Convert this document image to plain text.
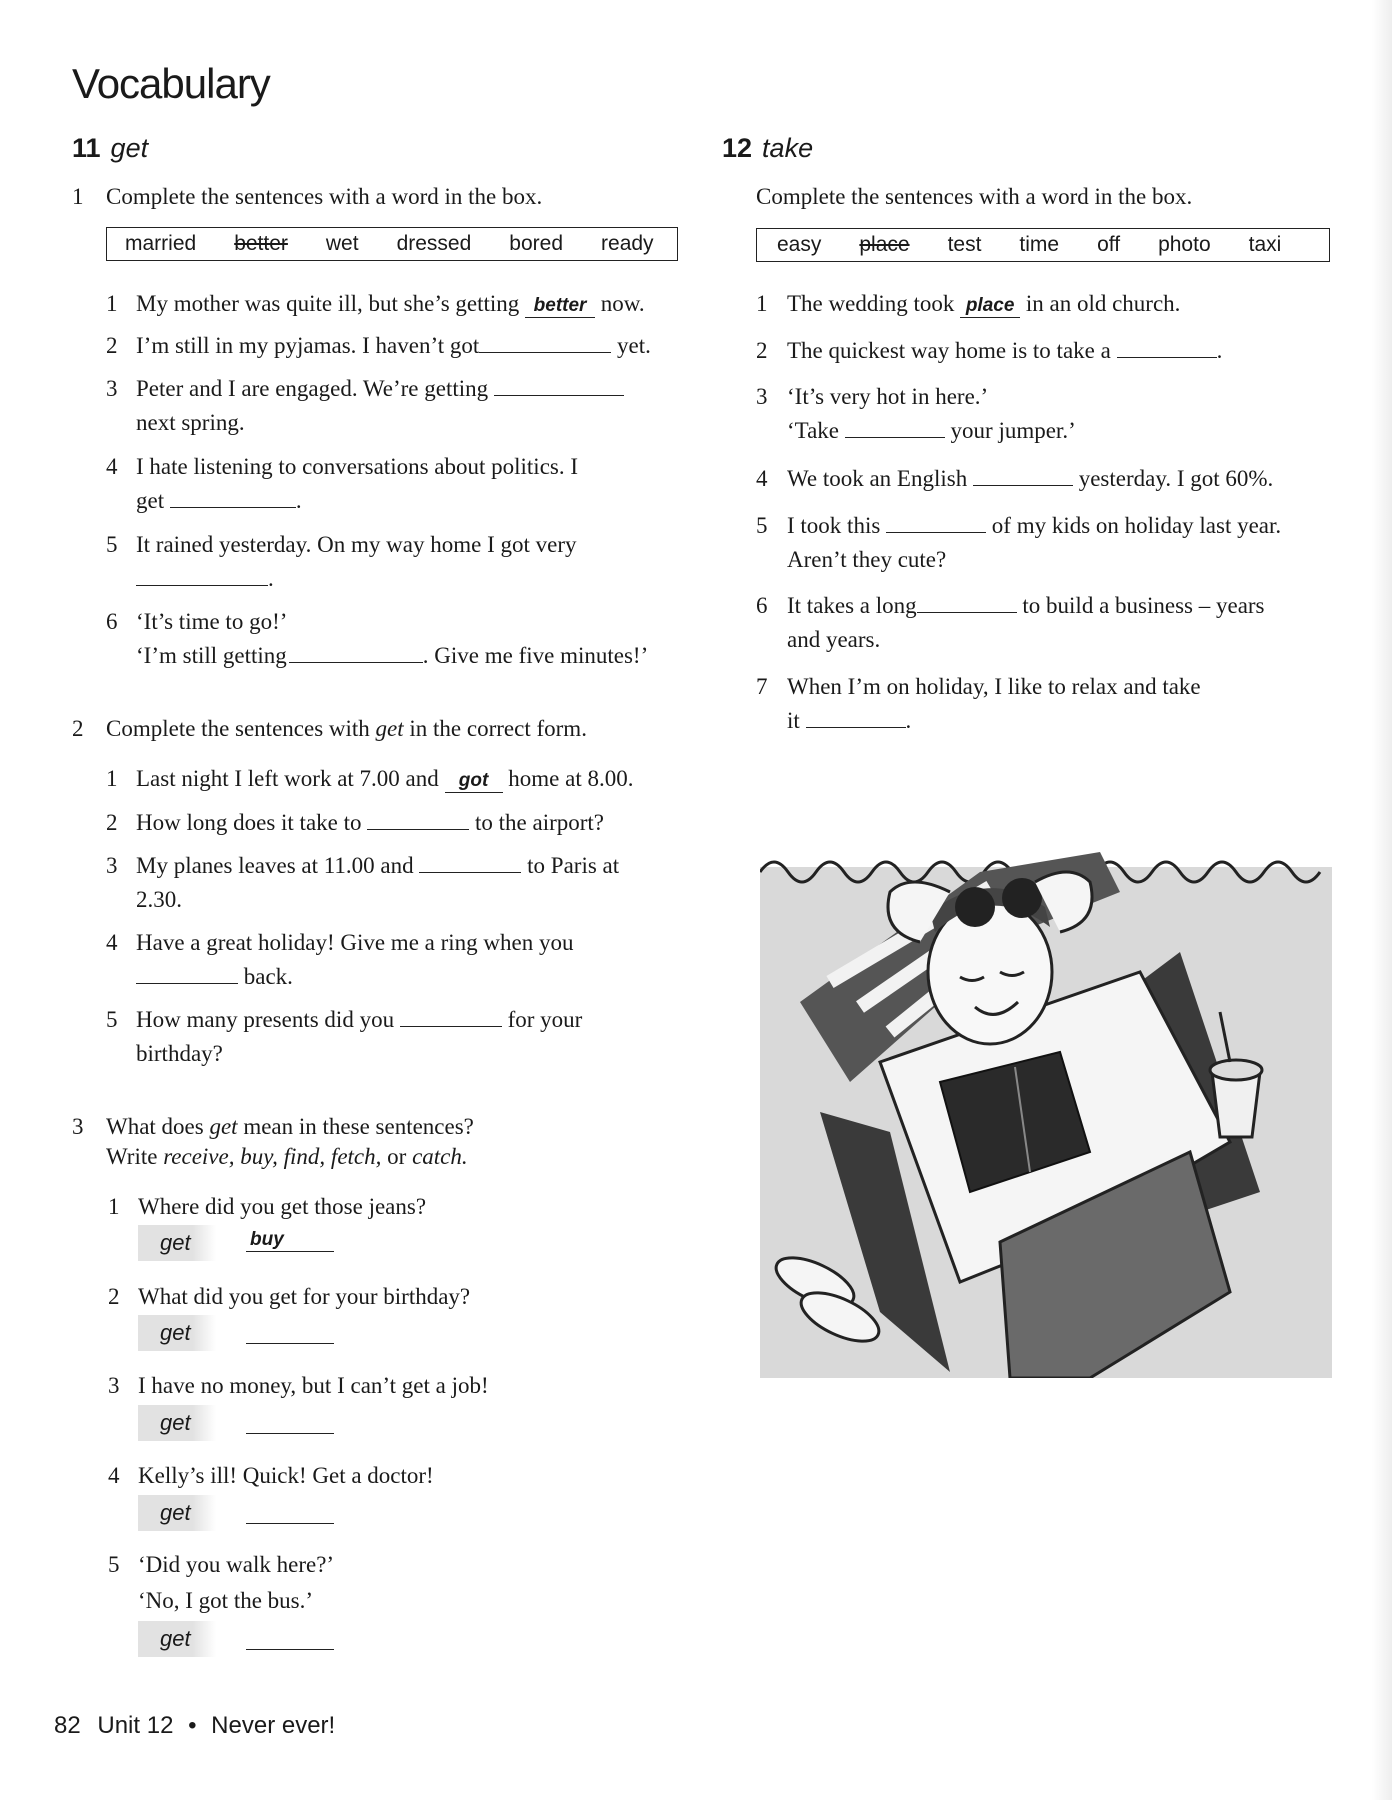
Vocabulary
11 get
1 Complete the sentences with a word in the box.
married better wet dressed bored ready
1 My mother was quite ill, but she’s getting better now.
2 I’m still in my pyjamas. I haven’t got	yet.
3 Peter and I are engaged. We’re getting
next spring.
4 I hate listening to conversations about politics. I
get	.
5 It rained yesterday. On my way home I got very
.
6 ‘It’s time to go!’
‘I’m still getting	. Give me five minutes!’
2 Complete the sentences with get in the correct form.
1 Last night I left work at 7.00 and got home at 8.00.
2 How long does it take to	to the airport?
3 My planes leaves at 11.00 and	to Paris at
2.30.
4 Have a great holiday! Give me a ring when you
back.
5 How many presents did you	for your
birthday?
3 What does get mean in these sentences?
Write receive, buy, find, fetch, or catch.
1 Where did you get those jeans?
get	buy
2 What did you get for your birthday?
get
3 I have no money, but I can’t get a job!
get
4 Kelly’s ill! Quick! Get a doctor!
get
5 ‘Did you walk here?’
‘No, I got the bus.’
get
12 take
Complete the sentences with a word in the box.
easy place test time off photo taxi
1 The wedding took place in an old church.
2 The quickest way home is to take a	.
3 ‘It’s very hot in here.’
‘Take	your jumper.’
4 We took an English	yesterday. I got 60%.
5 I took this	of my kids on holiday last year.
Aren’t they cute?
6 It takes a long	to build a business – years
and years.
7 When I’m on holiday, I like to relax and take
it	.
82 Unit 12 • Never ever!
